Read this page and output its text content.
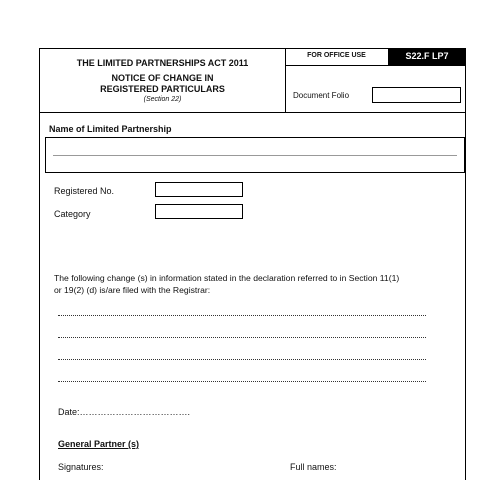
THE LIMITED PARTNERSHIPS ACT 2011
NOTICE OF CHANGE IN
REGISTERED PARTICULARS
(Section 22)
FOR OFFICE USE	S22.F LP7
Document Folio
Name of Limited Partnership
Registered No.
Category
The following change (s) in information stated in the declaration referred to in Section 11(1)
or 19(2) (d) is/are filed with the Registrar:
Date:……………………………….
General Partner (s)
Signatures:	Full names:
